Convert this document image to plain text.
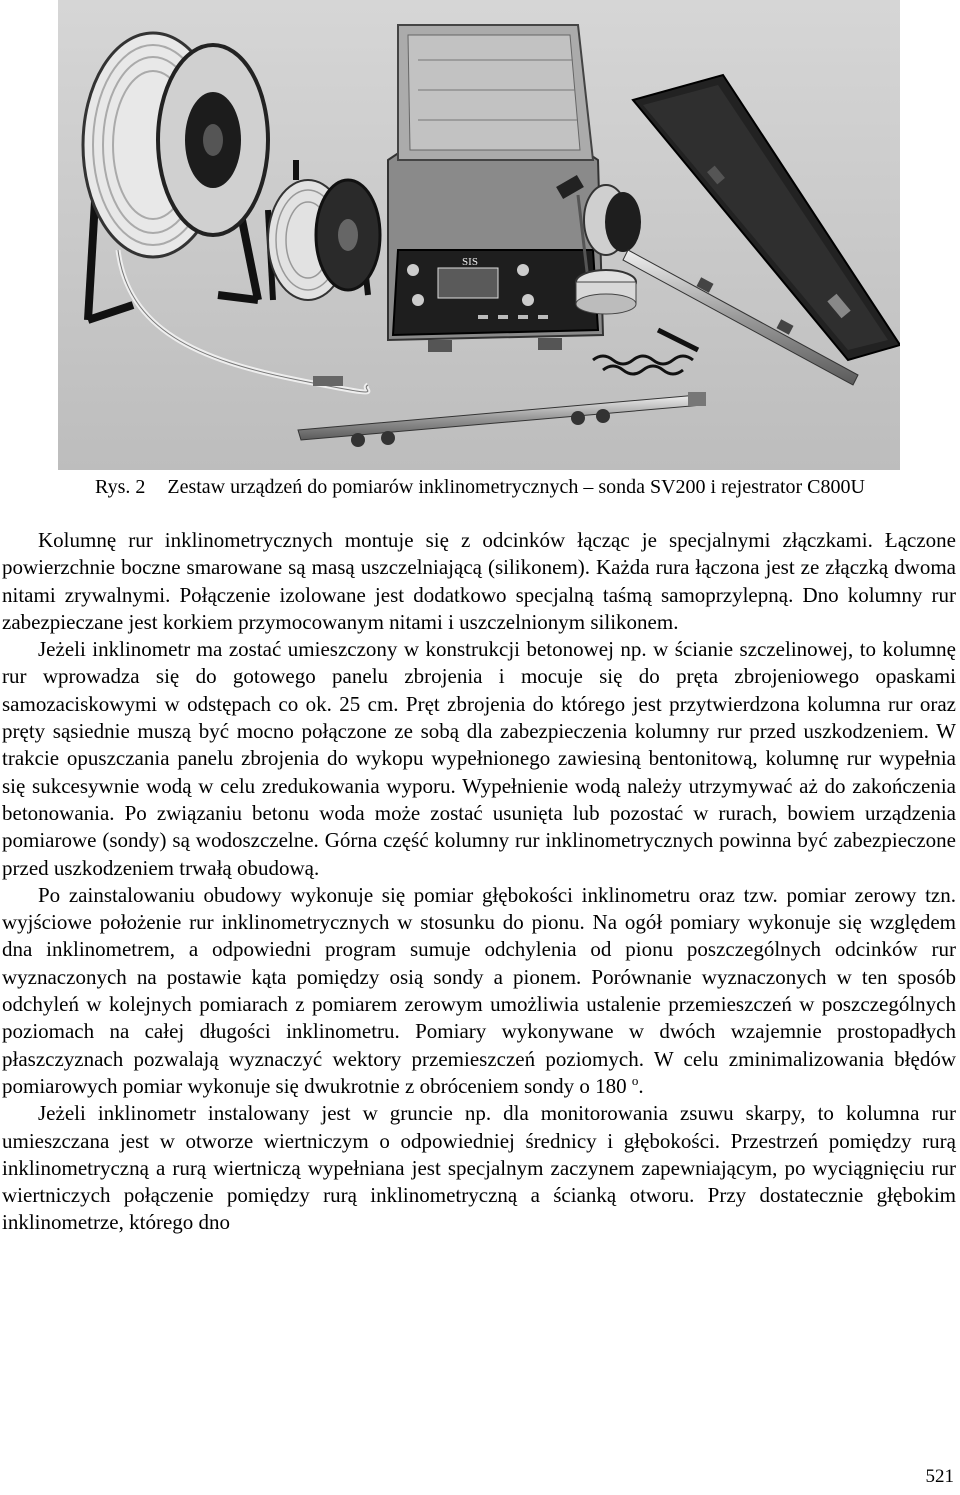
SIS
Rys. 2 Zestaw urządzeń do pomiarów inklinometrycznych – sonda SV200 i rejestrator C800U

Kolumnę rur inklinometrycznych montuje się z odcinków łącząc je specjalnymi złączkami. Łączone powierzchnie boczne smarowane są masą uszczelniającą (silikonem). Każda rura łączona jest ze złączką dwoma nitami zrywalnymi. Połączenie izolowane jest dodatkowo specjalną taśmą samoprzylepną. Dno kolumny rur zabezpieczane jest korkiem przymocowanym nitami i uszczelnionym silikonem.

Jeżeli inklinometr ma zostać umieszczony w konstrukcji betonowej np. w ścianie szczelinowej, to kolumnę rur wprowadza się do gotowego panelu zbrojenia i mocuje się do pręta zbrojeniowego opaskami samozaciskowymi w odstępach co ok. 25 cm. Pręt zbrojenia do którego jest przytwierdzona kolumna rur oraz pręty sąsiednie muszą być mocno połączone ze sobą dla zabezpieczenia kolumny rur przed uszkodzeniem. W trakcie opuszczania panelu zbrojenia do wykopu wypełnionego zawiesiną bentonitową, kolumnę rur wypełnia się sukcesywnie wodą w celu zredukowania wyporu. Wypełnienie wodą należy utrzymywać aż do zakończenia betonowania. Po związaniu betonu woda może zostać usunięta lub pozostać w rurach, bowiem urządzenia pomiarowe (sondy) są wodoszczelne. Górna część kolumny rur inklinometrycznych powinna być zabezpieczone przed uszkodzeniem trwałą obudową.

Po zainstalowaniu obudowy wykonuje się pomiar głębokości inklinometru oraz tzw. pomiar zerowy tzn. wyjściowe położenie rur inklinometrycznych w stosunku do pionu. Na ogół pomiary wykonuje się względem dna inklinometrem, a odpowiedni program sumuje odchylenia od pionu poszczególnych odcinków rur wyznaczonych na postawie kąta pomiędzy osią sondy a pionem. Porównanie wyznaczonych w ten sposób odchyleń w kolejnych pomiarach z pomiarem zerowym umożliwia ustalenie przemieszczeń w poszczególnych poziomach na całej długości inklinometru. Pomiary wykonywane w dwóch wzajemnie prostopadłych płaszczyznach pozwalają wyznaczyć wektory przemieszczeń poziomych. W celu zminimalizowania błędów pomiarowych pomiar wykonuje się dwukrotnie z obróceniem sondy o 180 $^o$.

Jeżeli inklinometr instalowany jest w gruncie np. dla monitorowania zsuwu skarpy, to kolumna rur umieszczana jest w otworze wiertniczym o odpowiedniej średnicy i głębokości. Przestrzeń pomiędzy rurą inklinometryczną a rurą wiertniczą wypełniana jest specjalnym zaczynem zapewniającym, po wyciągnięciu rur wiertniczych połączenie pomiędzy rurą inklinometryczną a ścianką otworu. Przy dostatecznie głębokim inklinometrze, którego dno

521
